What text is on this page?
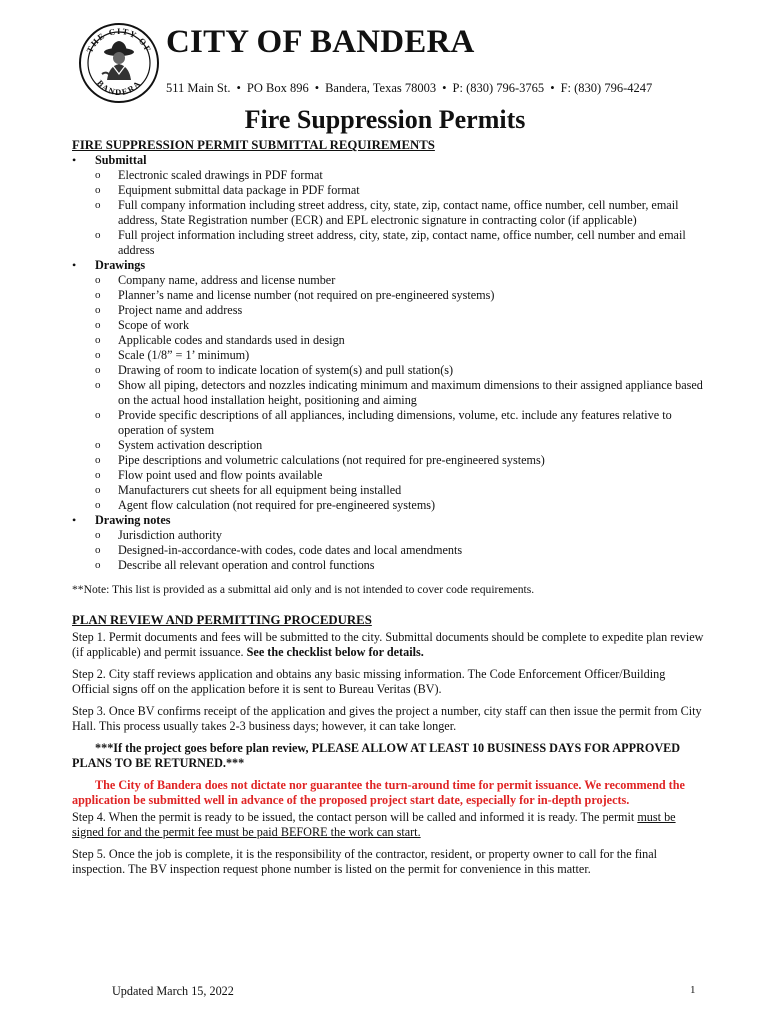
THE CITY OF
BANDERA
CITY OF BANDERA
511 Main St. • PO Box 896 • Bandera, Texas 78003 • P: (830) 796-3765 • F: (830) 796-4247
Fire Suppression Permits
FIRE SUPPRESSION PERMIT SUBMITTAL REQUIREMENTS
• Submittal
o Electronic scaled drawings in PDF format
o Equipment submittal data package in PDF format
o Full company information including street address, city, state, zip, contact name, office number, cell number, email address, State Registration number (ECR) and EPL electronic signature in contracting color (if applicable)
o Full project information including street address, city, state, zip, contact name, office number, cell number and email address
• Drawings
o Company name, address and license number
o Planner’s name and license number (not required on pre-engineered systems)
o Project name and address
o Scope of work
o Applicable codes and standards used in design
o Scale (1/8” = 1’ minimum)
o Drawing of room to indicate location of system(s) and pull station(s)
o Show all piping, detectors and nozzles indicating minimum and maximum dimensions to their assigned appliance based on the actual hood installation height, positioning and aiming
o Provide specific descriptions of all appliances, including dimensions, volume, etc. include any features relative to operation of system
o System activation description
o Pipe descriptions and volumetric calculations (not required for pre-engineered systems)
o Flow point used and flow points available
o Manufacturers cut sheets for all equipment being installed
o Agent flow calculation (not required for pre-engineered systems)
• Drawing notes
o Jurisdiction authority
o Designed-in-accordance-with codes, code dates and local amendments
o Describe all relevant operation and control functions
**Note: This list is provided as a submittal aid only and is not intended to cover code requirements.
PLAN REVIEW AND PERMITTING PROCEDURES

Step 1. Permit documents and fees will be submitted to the city. Submittal documents should be complete to expedite plan review (if applicable) and permit issuance. See the checklist below for details.

Step 2. City staff reviews application and obtains any basic missing information. The Code Enforcement Officer/Building Official signs off on the application before it is sent to Bureau Veritas (BV).

Step 3. Once BV confirms receipt of the application and gives the project a number, city staff can then issue the permit from City Hall. This process usually takes 2-3 business days; however, it can take longer.

***If the project goes before plan review, PLEASE ALLOW AT LEAST 10 BUSINESS DAYS FOR APPROVED PLANS TO BE RETURNED.***
The City of Bandera does not dictate nor guarantee the turn-around time for permit issuance. We recommend the application be submitted well in advance of the proposed project start date, especially for in-depth projects.

Step 4. When the permit is ready to be issued, the contact person will be called and informed it is ready. The permit must be signed for and the permit fee must be paid BEFORE the work can start.

Step 5. Once the job is complete, it is the responsibility of the contractor, resident, or property owner to call for the final inspection. The BV inspection request phone number is listed on the permit for convenience in this matter.

Updated March 15, 2022	1
